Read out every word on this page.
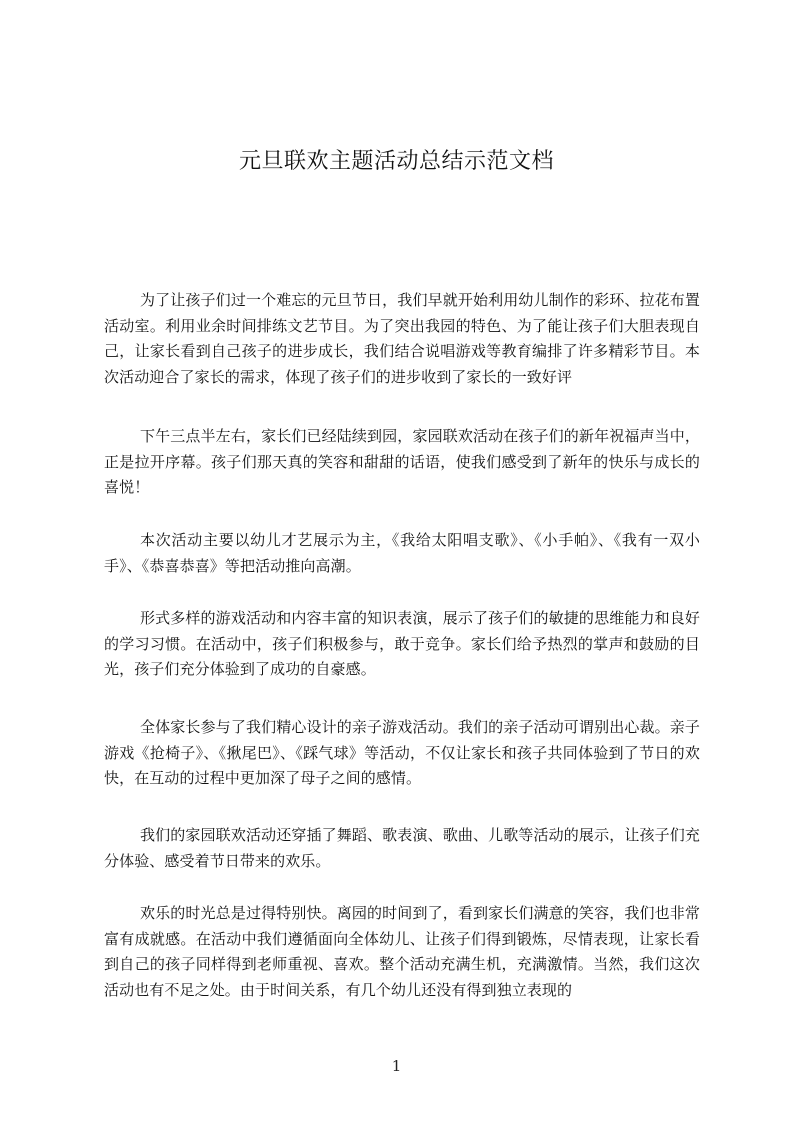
元旦联欢主题活动总结示范文档

为了让孩子们过一个难忘的元旦节日，我们早就开始利用幼儿制作的彩环、拉花布置活动室。利用业余时间排练文艺节目。为了突出我园的特色、为了能让孩子们大胆表现自己，让家长看到自己孩子的进步成长，我们结合说唱游戏等教育编排了许多精彩节目。本次活动迎合了家长的需求，体现了孩子们的进步收到了家长的一致好评

下午三点半左右，家长们已经陆续到园，家园联欢活动在孩子们的新年祝福声当中，正是拉开序幕。孩子们那天真的笑容和甜甜的话语，使我们感受到了新年的快乐与成长的喜悦！

本次活动主要以幼儿才艺展示为主，《我给太阳唱支歌》、《小手帕》、《我有一双小手》、《恭喜恭喜》等把活动推向高潮。

形式多样的游戏活动和内容丰富的知识表演，展示了孩子们的敏捷的思维能力和良好的学习习惯。在活动中，孩子们积极参与，敢于竞争。家长们给予热烈的掌声和鼓励的目光，孩子们充分体验到了成功的自豪感。

全体家长参与了我们精心设计的亲子游戏活动。我们的亲子活动可谓别出心裁。亲子游戏《抢椅子》、《揪尾巴》、《踩气球》等活动，不仅让家长和孩子共同体验到了节日的欢快，在互动的过程中更加深了母子之间的感情。

我们的家园联欢活动还穿插了舞蹈、歌表演、歌曲、儿歌等活动的展示，让孩子们充分体验、感受着节日带来的欢乐。

欢乐的时光总是过得特别快。离园的时间到了，看到家长们满意的笑容，我们也非常富有成就感。在活动中我们遵循面向全体幼儿、让孩子们得到锻炼，尽情表现，让家长看到自己的孩子同样得到老师重视、喜欢。整个活动充满生机，充满激情。当然，我们这次活动也有不足之处。由于时间关系，有几个幼儿还没有得到独立表现的

1
